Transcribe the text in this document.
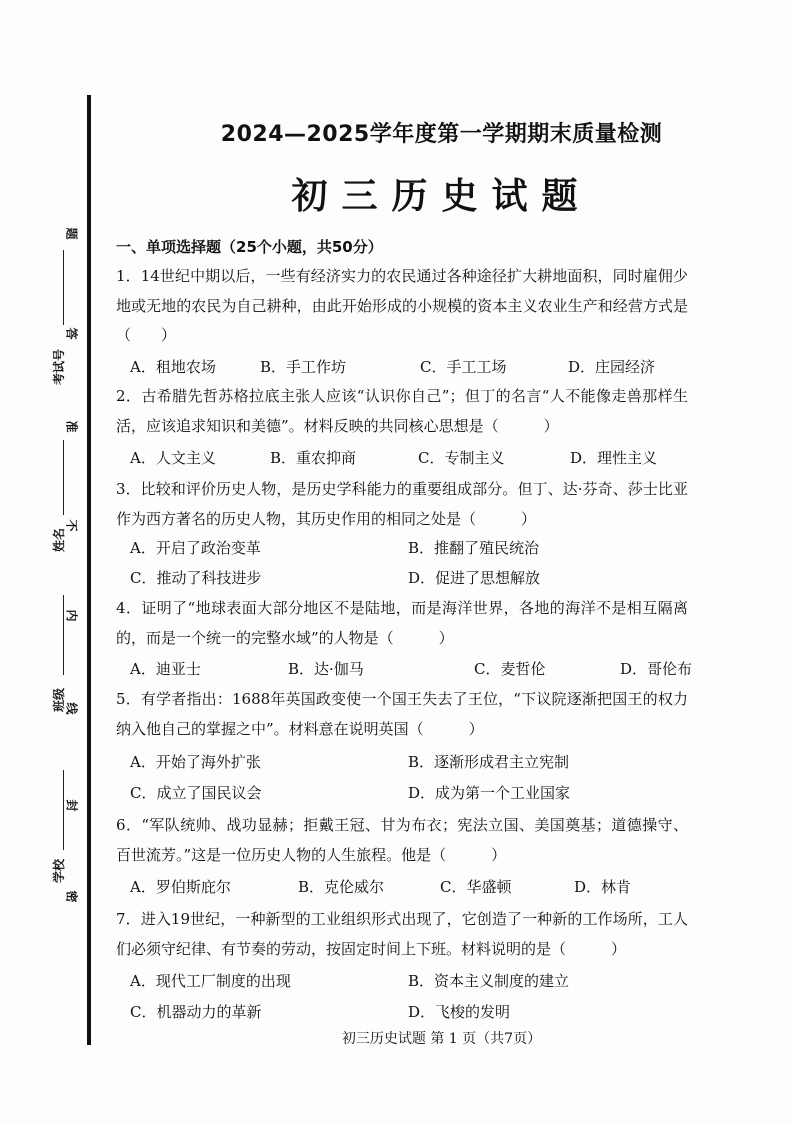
考试号
姓名
班级
学校
题
答
准
不
内
线
封
密
2024—2025学年度第一学期期末质量检测
初三历史试题
一、单项选择题（25个小题，共50分）
1．14世纪中期以后，一些有经济实力的农民通过各种途径扩大耕地面积，同时雇佣少地或无地的农民为自己耕种，由此开始形成的小规模的资本主义农业生产和经营方式是（　　）
A．租地农场	B．手工作坊	C．手工工场	D．庄园经济
2．古希腊先哲苏格拉底主张人应该“认识你自己”；但丁的名言“人不能像走兽那样生活，应该追求知识和美德”。材料反映的共同核心思想是（　　　）
A．人文主义	B．重农抑商	C．专制主义	D．理性主义
3．比较和评价历史人物，是历史学科能力的重要组成部分。但丁、达·芬奇、莎士比亚作为西方著名的历史人物，其历史作用的相同之处是（　　　）
A．开启了政治变革	B．推翻了殖民统治
C．推动了科技进步	D．促进了思想解放
4．证明了“地球表面大部分地区不是陆地，而是海洋世界，各地的海洋不是相互隔离的，而是一个统一的完整水域”的人物是（　　　）
A．迪亚士	B．达·伽马	C．麦哲伦	D．哥伦布
5．有学者指出：1688年英国政变使一个国王失去了王位，“下议院逐渐把国王的权力纳入他自己的掌握之中”。材料意在说明英国（　　　）
A．开始了海外扩张	B．逐渐形成君主立宪制
C．成立了国民议会	D．成为第一个工业国家
6．“军队统帅、战功显赫；拒戴王冠、甘为布衣；宪法立国、美国奠基；道德操守、百世流芳。”这是一位历史人物的人生旅程。他是（　　　）
A．罗伯斯庇尔	B．克伦威尔	C．华盛顿	D．林肯
7．进入19世纪，一种新型的工业组织形式出现了，它创造了一种新的工作场所，工人们必须守纪律、有节奏的劳动，按固定时间上下班。材料说明的是（　　　）
A．现代工厂制度的出现	B．资本主义制度的建立
C．机器动力的革新	D．飞梭的发明
初三历史试题 第 1 页（共7页）
